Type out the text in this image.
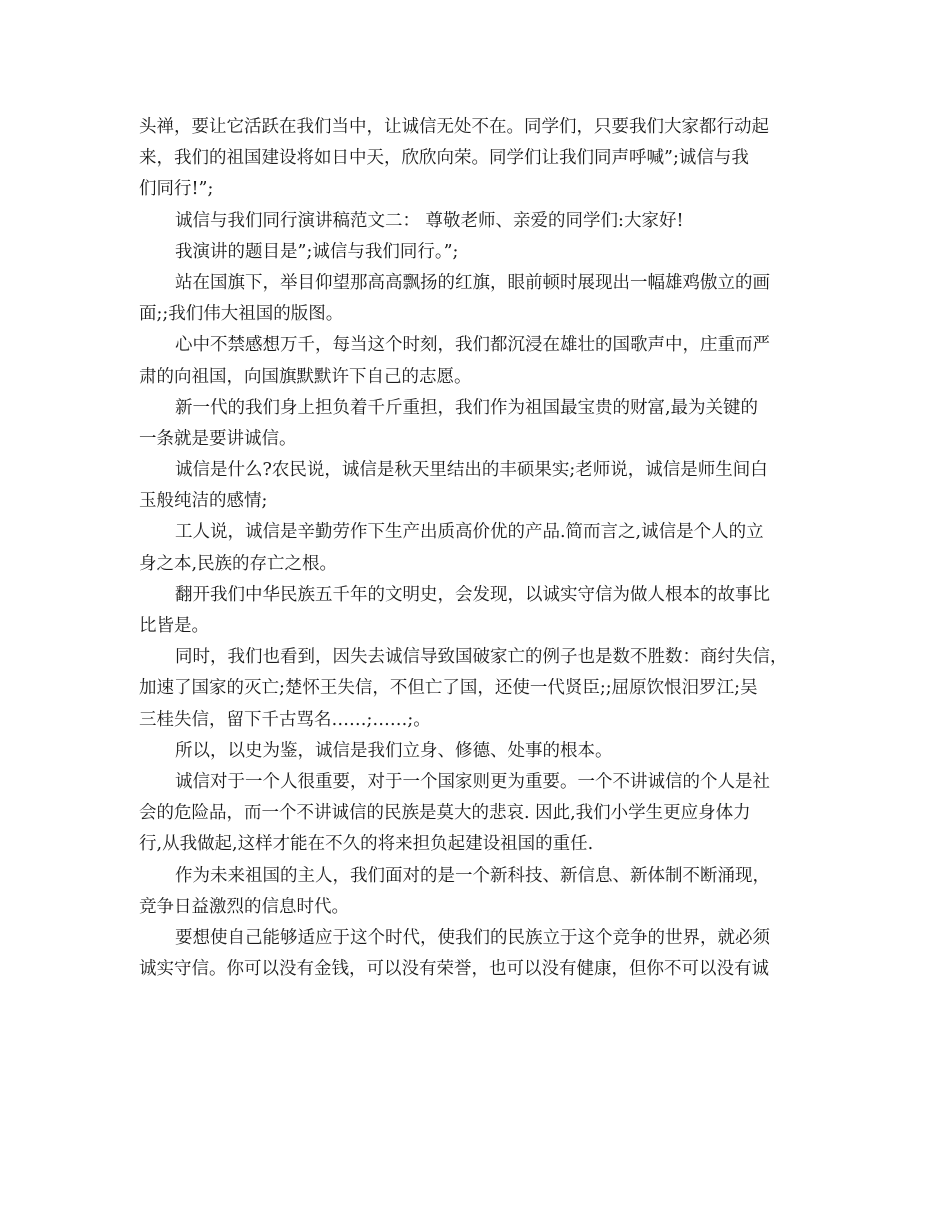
头禅，要让它活跃在我们当中，让诚信无处不在。同学们，只要我们大家都行动起
来，我们的祖国建设将如日中天，欣欣向荣。同学们让我们同声呼喊”;诚信与我
们同行!”;
诚信与我们同行演讲稿范文二： 尊敬老师、亲爱的同学们:大家好!
我演讲的题目是”;诚信与我们同行。”;
站在国旗下，举目仰望那高高飘扬的红旗，眼前顿时展现出一幅雄鸡傲立的画
面;;我们伟大祖国的版图。
心中不禁感想万千，每当这个时刻，我们都沉浸在雄壮的国歌声中，庄重而严
肃的向祖国，向国旗默默许下自己的志愿。
新一代的我们身上担负着千斤重担，我们作为祖国最宝贵的财富,最为关键的
一条就是要讲诚信。
诚信是什么?农民说，诚信是秋天里结出的丰硕果实;老师说，诚信是师生间白
玉般纯洁的感情;
工人说，诚信是辛勤劳作下生产出质高价优的产品.简而言之,诚信是个人的立
身之本,民族的存亡之根。
翻开我们中华民族五千年的文明史，会发现，以诚实守信为做人根本的故事比
比皆是。
同时，我们也看到，因失去诚信导致国破家亡的例子也是数不胜数：商纣失信，
加速了国家的灭亡;楚怀王失信，不但亡了国，还使一代贤臣;;屈原饮恨汨罗江;吴
三桂失信，留下千古骂名……;……;。
所以，以史为鉴，诚信是我们立身、修德、处事的根本。
诚信对于一个人很重要，对于一个国家则更为重要。一个不讲诚信的个人是社
会的危险品，而一个不讲诚信的民族是莫大的悲哀. 因此,我们小学生更应身体力
行,从我做起,这样才能在不久的将来担负起建设祖国的重任.
作为未来祖国的主人，我们面对的是一个新科技、新信息、新体制不断涌现，
竞争日益激烈的信息时代。
要想使自己能够适应于这个时代，使我们的民族立于这个竞争的世界，就必须
诚实守信。你可以没有金钱，可以没有荣誉，也可以没有健康，但你不可以没有诚
